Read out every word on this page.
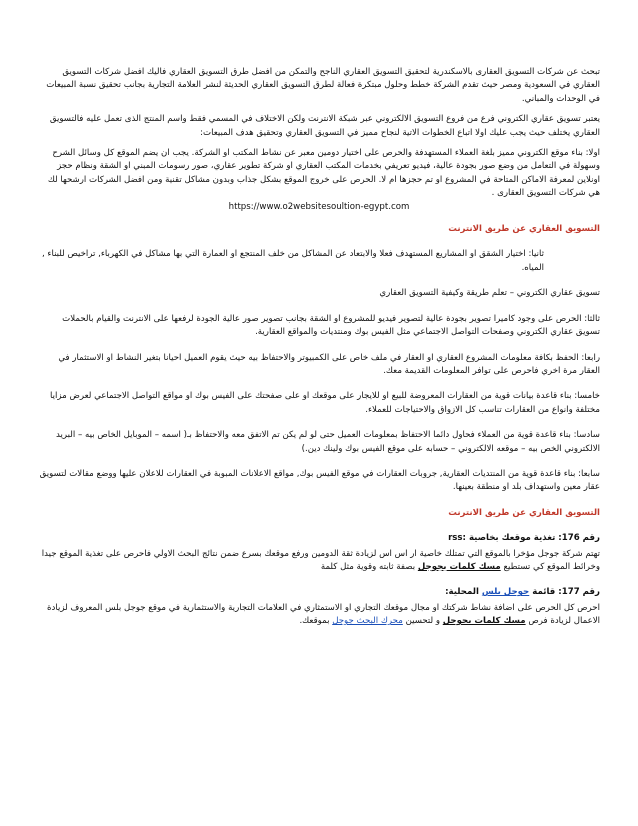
تبحث عن شركات التسويق العقارى بالاسكندرية لتحقيق التسويق العقاري الناجح والتمكن من افضل طرق التسويق العقاري فاليك افضل شركات التسويق العقاري في السعودية ومصر حيث تقدم الشركة خطط وحلول مبتكرة فعالة لطرق التسويق العقاري الحديثة لنشر العلامة التجارية بجانب تحقيق نسبة المبيعات في الوحدات والمباني.

يعتبر تسويق عقاري الكتروني فرع من فروع التسويق الالكتروني عبر شبكة الانترنت ولكن الاختلاف في المسمي فقط واسم المنتج الذى تعمل عليه فالتسويق العقاري يختلف حيث يجب عليك اولا اتباع الخطوات الاتية لنجاح مميز في التسويق العقاري وتحقيق هدف المبيعات:

اولا: بناء موقع الكتروني مميز بلغة العملاء المستهدفة والحرص على اختيار دومين معبر عن نشاط المكتب او الشركة. يجب ان يضم الموقع كل وسائل الشرح وسهولة في التعامل من وضع صور بجودة عالية، فيديو تعريفي بخدمات المكتب العقاري او شركة تطوير عقاري، صور رسومات المبني او الشقة ونظام حجز اونلاين لمعرفة الاماكن المتاحة في المشروع او تم حجزها ام لا. الحرص على خروج الموقع بشكل جذاب وبدون مشاكل تقنية ومن افضل الشركات ارشحها لك هي شركات التسويق العقارى .

https://www.o2websitesoultion-egypt.com

التسويق العقاري عن طريق الانترنت

ثانيا: اختيار الشقق او المشاريع المستهدف فعلا والابتعاد عن المشاكل من خلف المنتجع او العمارة التي بها مشاكل في الكهرباء, تراخيص للبناء , المياه.

تسويق عقاري الكتروني – تعلم طريقة وكيفية التسويق العقاري

ثالثا: الحرص على وجود كاميرا تصوير بجودة عالية لتصوير فيديو للمشروع او الشقة بجانب تصوير صور عالية الجودة لرفعها على الانترنت والقيام بالحملات تسويق عقاري الكتروني وصفحات التواصل الاجتماعي مثل الفيس بوك ومنتديات والمواقع العقارية.

رابعا: الحفظ بكافة معلومات المشروع العقاري او العقار في ملف خاص على الكمبيوتر والاحتفاظ بيه حيث يقوم العميل احيانا بتغير النشاط او الاستثمار في العقار مرة اخري فاحرص على توافر المعلومات القديمة معك.

خامسا: بناء قاعدة بيانات قوية من العقارات المعروضة للبيع او للايجار على موقعك او على صفحتك على الفيس بوك او مواقع التواصل الاجتماعي لعرض مزايا مختلفة وانواع من العقارات تناسب كل الازواق والاحتياجات للعملاء.

سادسا: بناء قاعدة قوية من العملاء فحاول دائما الاحتفاظ بمعلومات العميل حتى لو لم يكن تم الاتفق معه والاحتفاظ بـ( اسمه – الموبايل الخاص بيه – البريد الالكتروني الخص بيه – موقعه الالكتروني – حسابه على موقع الفيس بوك ولينك دين.)

سابعا: بناء قاعدة قوية من المنتديات العقارية, جروبات العقارات في موقع الفيس بوك, مواقع الاعلانات المبوبة في العقارات للاعلان عليها ووضع مقالات لتسويق عقار معين واستهداف بلد او منطقة بعينها.

التسويق العقاري عن طريق الانترنت

رقم 176: تغذية موقعك بخاصية rss:

تهتم شركة جوجل مؤخرا بالموقع التي تمتلك خاصية ار اس اس لزيادة ثقة الدومين ورفع موقعك بسرع ضمن نتائج البحث الاولي فاحرص على تغذية الموقع جيدا وخرائط الموقع كي تستطيع مسك كلمات بجوجل بصفة ثابته وقوية مثل كلمة

رقم 177: قائمة جوجل بلس المحلية:

احرص كل الحرص على اضافة نشاط شركتك او مجال موقعك التجاري او الاستمثاري في العلامات التجارية والاستثمارية في موقع جوجل بلس المعروف لزيادة الاعمال لزيادة فرص مسك كلمات بجوجل و لتحسين محرك البحث جوجل بموقعك.
